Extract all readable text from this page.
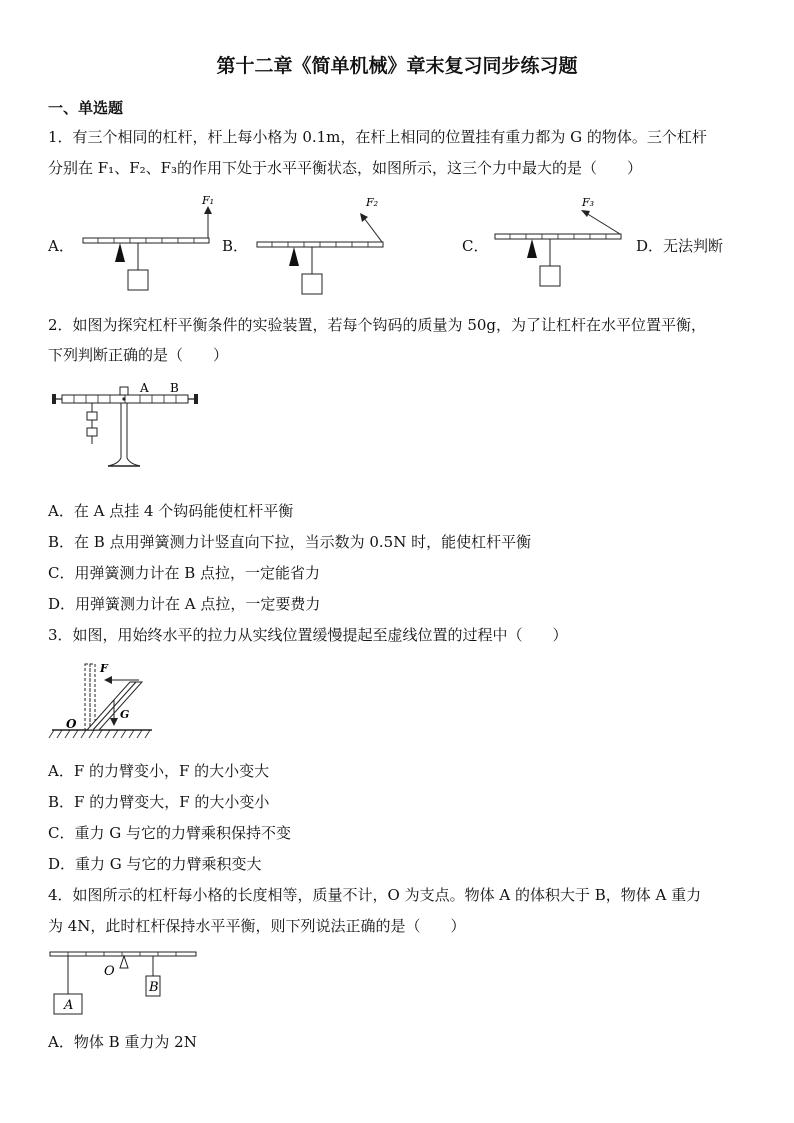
第十二章《简单机械》章末复习同步练习题
一、单选题
1．有三个相同的杠杆，杆上每小格为 0.1m，在杆上相同的位置挂有重力都为 G 的物体。三个杠杆
分别在 F₁、F₂、F₃的作用下处于水平平衡状态，如图所示，这三个力中最大的是（　　）
A．
F₁
B．
F₂
C．
F₃
D．无法判断
2．如图为探究杠杆平衡条件的实验装置，若每个钩码的质量为 50g，为了让杠杆在水平位置平衡，
下列判断正确的是（　　）
A B
A．在 A 点挂 4 个钩码能使杠杆平衡
B．在 B 点用弹簧测力计竖直向下拉，当示数为 0.5N 时，能使杠杆平衡
C．用弹簧测力计在 B 点拉，一定能省力
D．用弹簧测力计在 A 点拉，一定要费力
3．如图，用始终水平的拉力从实线位置缓慢提起至虚线位置的过程中（　　）
F
G
O
A．F 的力臂变小，F 的大小变大
B．F 的力臂变大，F 的大小变小
C．重力 G 与它的力臂乘积保持不变
D．重力 G 与它的力臂乘积变大
4．如图所示的杠杆每小格的长度相等，质量不计，O 为支点。物体 A 的体积大于 B，物体 A 重力
为 4N，此时杠杆保持水平平衡，则下列说法正确的是（　　）
O
A
B
A．物体 B 重力为 2N
